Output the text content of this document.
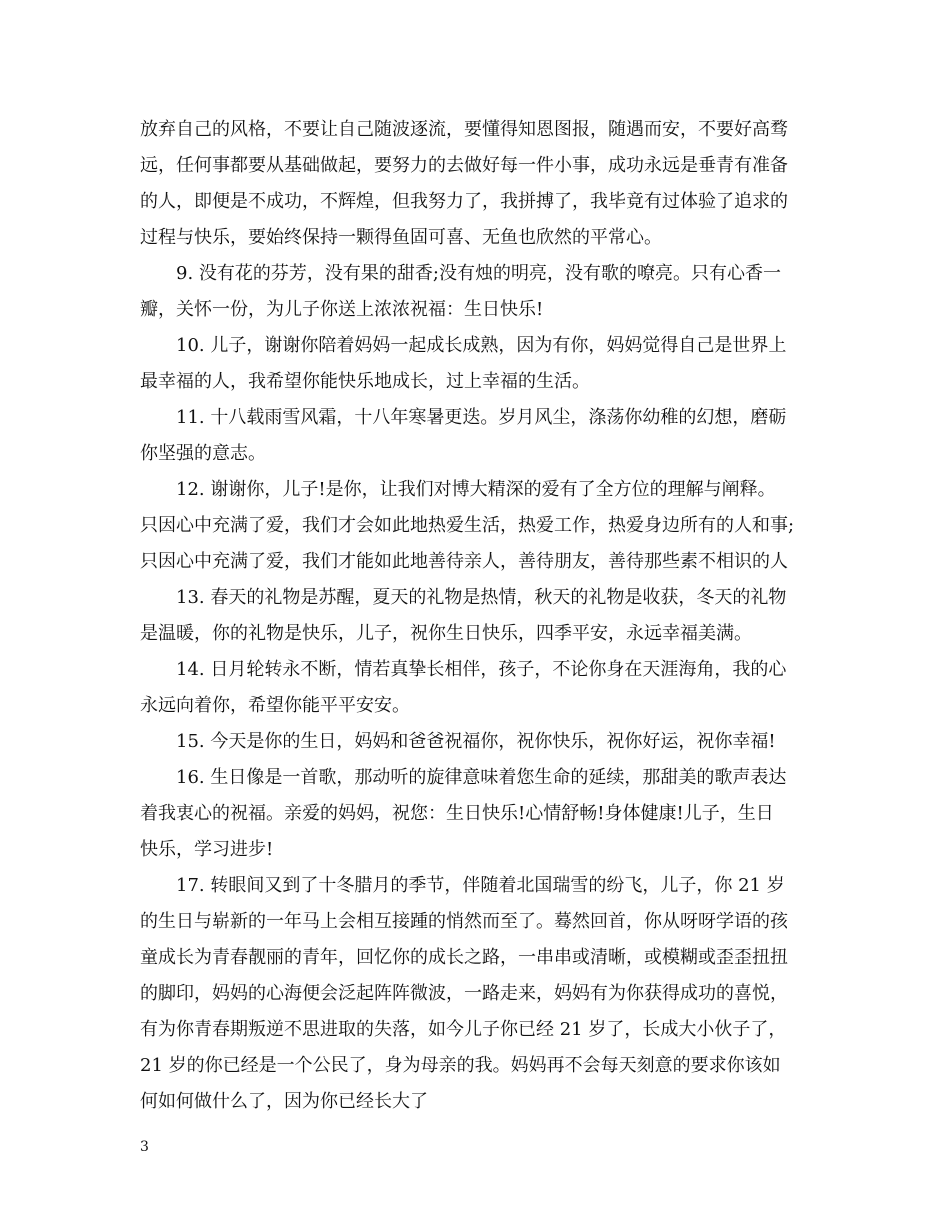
放弃自己的风格，不要让自己随波逐流，要懂得知恩图报，随遇而安，不要好高骛
远，任何事都要从基础做起，要努力的去做好每一件小事，成功永远是垂青有准备
的人，即便是不成功，不辉煌，但我努力了，我拼搏了，我毕竟有过体验了追求的
过程与快乐，要始终保持一颗得鱼固可喜、无鱼也欣然的平常心。
9. 没有花的芬芳，没有果的甜香;没有烛的明亮，没有歌的嘹亮。只有心香一
瓣，关怀一份，为儿子你送上浓浓祝福：生日快乐!
10. 儿子，谢谢你陪着妈妈一起成长成熟，因为有你，妈妈觉得自己是世界上
最幸福的人，我希望你能快乐地成长，过上幸福的生活。
11. 十八载雨雪风霜，十八年寒暑更迭。岁月风尘，涤荡你幼稚的幻想，磨砺
你坚强的意志。
12. 谢谢你，儿子!是你，让我们对博大精深的爱有了全方位的理解与阐释。
只因心中充满了爱，我们才会如此地热爱生活，热爱工作，热爱身边所有的人和事;
只因心中充满了爱，我们才能如此地善待亲人，善待朋友，善待那些素不相识的人
13. 春天的礼物是苏醒，夏天的礼物是热情，秋天的礼物是收获，冬天的礼物
是温暖，你的礼物是快乐，儿子，祝你生日快乐，四季平安，永远幸福美满。
14. 日月轮转永不断，情若真挚长相伴，孩子，不论你身在天涯海角，我的心
永远向着你，希望你能平平安安。
15. 今天是你的生日，妈妈和爸爸祝福你，祝你快乐，祝你好运，祝你幸福!
16. 生日像是一首歌，那动听的旋律意味着您生命的延续，那甜美的歌声表达
着我衷心的祝福。亲爱的妈妈，祝您：生日快乐!心情舒畅!身体健康!儿子，生日
快乐，学习进步!
17. 转眼间又到了十冬腊月的季节，伴随着北国瑞雪的纷飞，儿子，你 21 岁
的生日与崭新的一年马上会相互接踵的悄然而至了。蓦然回首，你从呀呀学语的孩
童成长为青春靓丽的青年，回忆你的成长之路，一串串或清晰，或模糊或歪歪扭扭
的脚印，妈妈的心海便会泛起阵阵微波，一路走来，妈妈有为你获得成功的喜悦，
有为你青春期叛逆不思进取的失落，如今儿子你已经 21 岁了，长成大小伙子了，
21 岁的你已经是一个公民了，身为母亲的我。妈妈再不会每天刻意的要求你该如
何如何做什么了，因为你已经长大了
3
